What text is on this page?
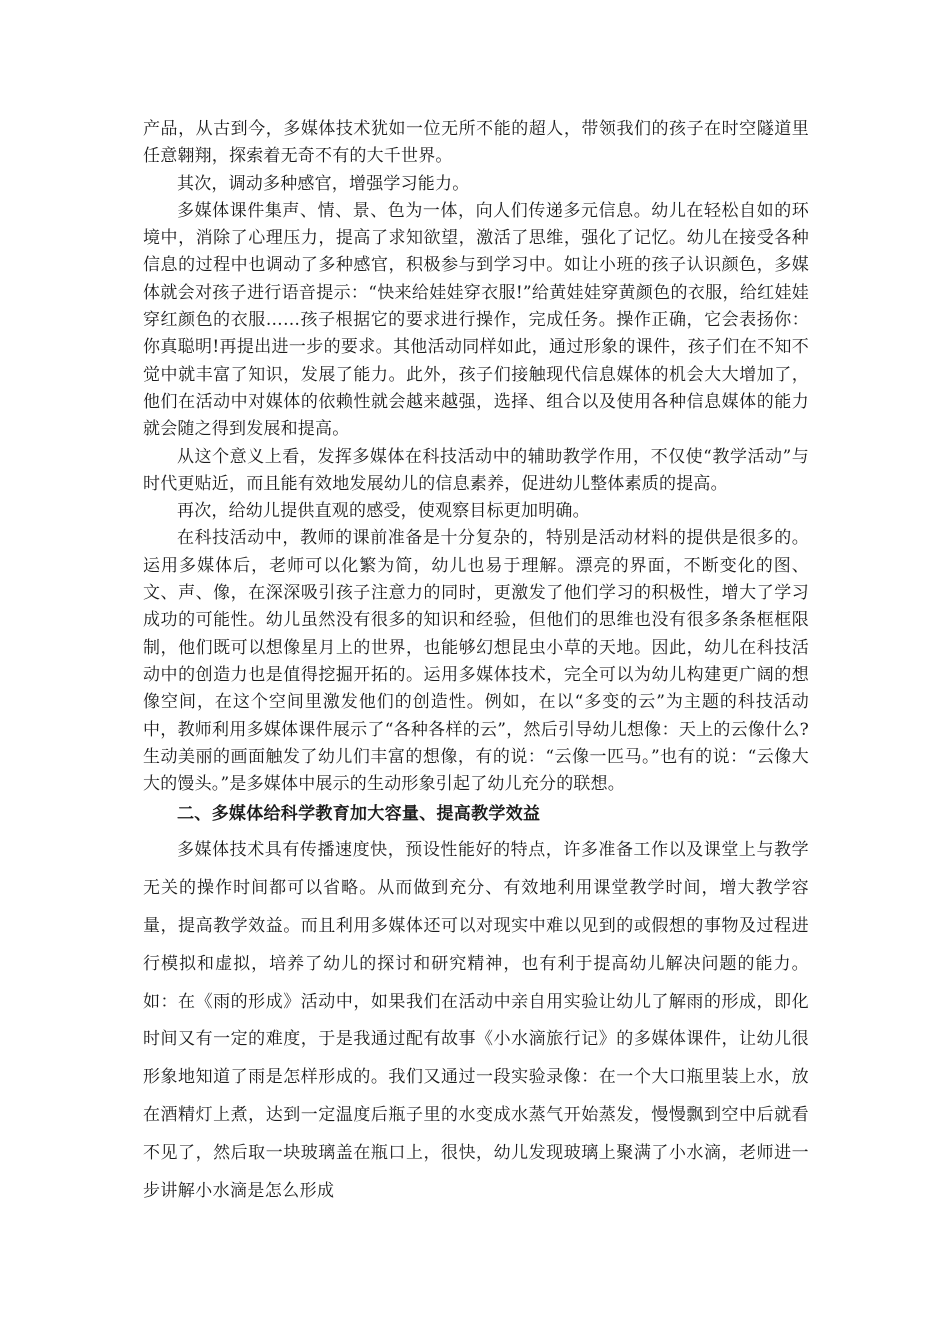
产品，从古到今，多媒体技术犹如一位无所不能的超人，带领我们的孩子在时空隧道里任意翱翔，探索着无奇不有的大千世界。

其次，调动多种感官，增强学习能力。

多媒体课件集声、情、景、色为一体，向人们传递多元信息。幼儿在轻松自如的环境中，消除了心理压力，提高了求知欲望，激活了思维，强化了记忆。幼儿在接受各种信息的过程中也调动了多种感官，积极参与到学习中。如让小班的孩子认识颜色，多媒体就会对孩子进行语音提示：“快来给娃娃穿衣服!”给黄娃娃穿黄颜色的衣服，给红娃娃穿红颜色的衣服……孩子根据它的要求进行操作，完成任务。操作正确，它会表扬你：你真聪明!再提出进一步的要求。其他活动同样如此，通过形象的课件，孩子们在不知不觉中就丰富了知识，发展了能力。此外，孩子们接触现代信息媒体的机会大大增加了，他们在活动中对媒体的依赖性就会越来越强，选择、组合以及使用各种信息媒体的能力就会随之得到发展和提高。

从这个意义上看，发挥多媒体在科技活动中的辅助教学作用，不仅使“教学活动”与时代更贴近，而且能有效地发展幼儿的信息素养，促进幼儿整体素质的提高。

再次，给幼儿提供直观的感受，使观察目标更加明确。

在科技活动中，教师的课前准备是十分复杂的，特别是活动材料的提供是很多的。运用多媒体后，老师可以化繁为简，幼儿也易于理解。漂亮的界面，不断变化的图、文、声、像，在深深吸引孩子注意力的同时，更激发了他们学习的积极性，增大了学习成功的可能性。幼儿虽然没有很多的知识和经验，但他们的思维也没有很多条条框框限制，他们既可以想像星月上的世界，也能够幻想昆虫小草的天地。因此，幼儿在科技活动中的创造力也是值得挖掘开拓的。运用多媒体技术，完全可以为幼儿构建更广阔的想像空间，在这个空间里激发他们的创造性。例如，在以“多变的云”为主题的科技活动中，教师利用多媒体课件展示了“各种各样的云”，然后引导幼儿想像：天上的云像什么?生动美丽的画面触发了幼儿们丰富的想像，有的说：“云像一匹马。”也有的说：“云像大大的馒头。”是多媒体中展示的生动形象引起了幼儿充分的联想。

二、多媒体给科学教育加大容量、提高教学效益

多媒体技术具有传播速度快，预设性能好的特点，许多准备工作以及课堂上与教学无关的操作时间都可以省略。从而做到充分、有效地利用课堂教学时间，增大教学容量，提高教学效益。而且利用多媒体还可以对现实中难以见到的或假想的事物及过程进行模拟和虚拟，培养了幼儿的探讨和研究精神，也有利于提高幼儿解决问题的能力。如：在《雨的形成》活动中，如果我们在活动中亲自用实验让幼儿了解雨的形成，即化时间又有一定的难度，于是我通过配有故事《小水滴旅行记》的多媒体课件，让幼儿很形象地知道了雨是怎样形成的。我们又通过一段实验录像：在一个大口瓶里装上水，放在酒精灯上煮，达到一定温度后瓶子里的水变成水蒸气开始蒸发，慢慢飘到空中后就看不见了，然后取一块玻璃盖在瓶口上，很快，幼儿发现玻璃上聚满了小水滴，老师进一步讲解小水滴是怎么形成
